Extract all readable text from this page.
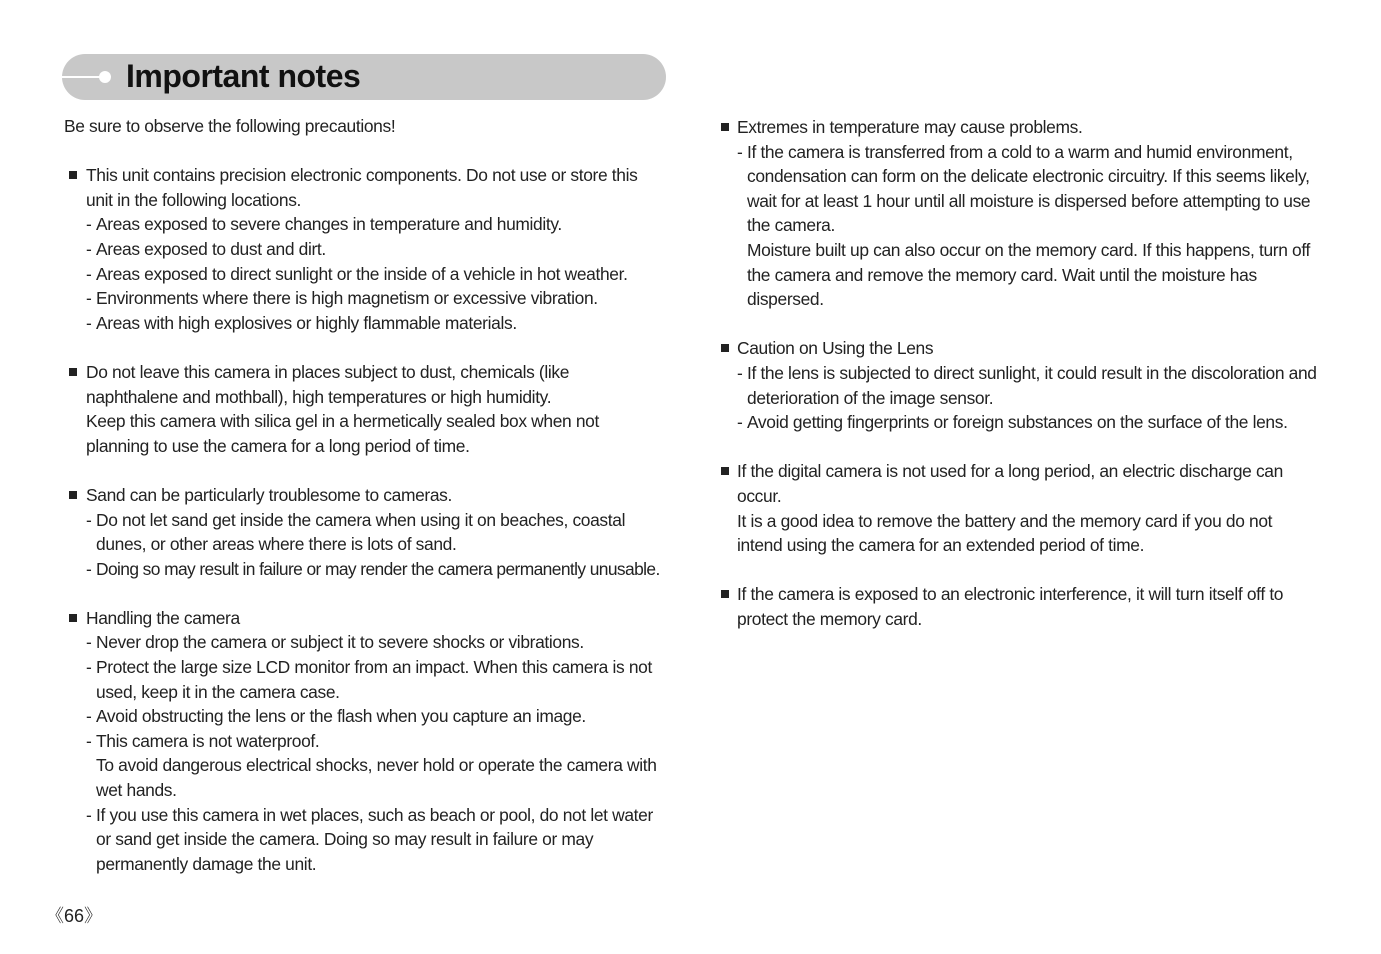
Important notes
Be sure to observe the following precautions!
This unit contains precision electronic components. Do not use or store this unit in the following locations.
- Areas exposed to severe changes in temperature and humidity.
- Areas exposed to dust and dirt.
- Areas exposed to direct sunlight or the inside of a vehicle in hot weather.
- Environments where there is high magnetism or excessive vibration.
- Areas with high explosives or highly flammable materials.
Do not leave this camera in places subject to dust, chemicals (like naphthalene and mothball), high temperatures or high humidity.
Keep this camera with silica gel in a hermetically sealed box when not planning to use the camera for a long period of time.
Sand can be particularly troublesome to cameras.
- Do not let sand get inside the camera when using it on beaches, coastal dunes, or other areas where there is lots of sand.
- Doing so may result in failure or may render the camera permanently unusable.
Handling the camera
- Never drop the camera or subject it to severe shocks or vibrations.
- Protect the large size LCD monitor from an impact. When this camera is not used, keep it in the camera case.
- Avoid obstructing the lens or the flash when you capture an image.
- This camera is not waterproof.
To avoid dangerous electrical shocks, never hold or operate the camera with wet hands.
- If you use this camera in wet places, such as beach or pool, do not let water or sand get inside the camera. Doing so may result in failure or may permanently damage the unit.
Extremes in temperature may cause problems.
- If the camera is transferred from a cold to a warm and humid environment, condensation can form on the delicate electronic circuitry. If this seems likely, wait for at least 1 hour until all moisture is dispersed before attempting to use the camera.
Moisture built up can also occur on the memory card. If this happens, turn off the camera and remove the memory card. Wait until the moisture has dispersed.
Caution on Using the Lens
- If the lens is subjected to direct sunlight, it could result in the discoloration and deterioration of the image sensor.
- Avoid getting fingerprints or foreign substances on the surface of the lens.
If the digital camera is not used for a long period, an electric discharge can occur.
It is a good idea to remove the battery and the memory card if you do not intend using the camera for an extended period of time.
If the camera is exposed to an electronic interference, it will turn itself off to protect the memory card.
《66》
